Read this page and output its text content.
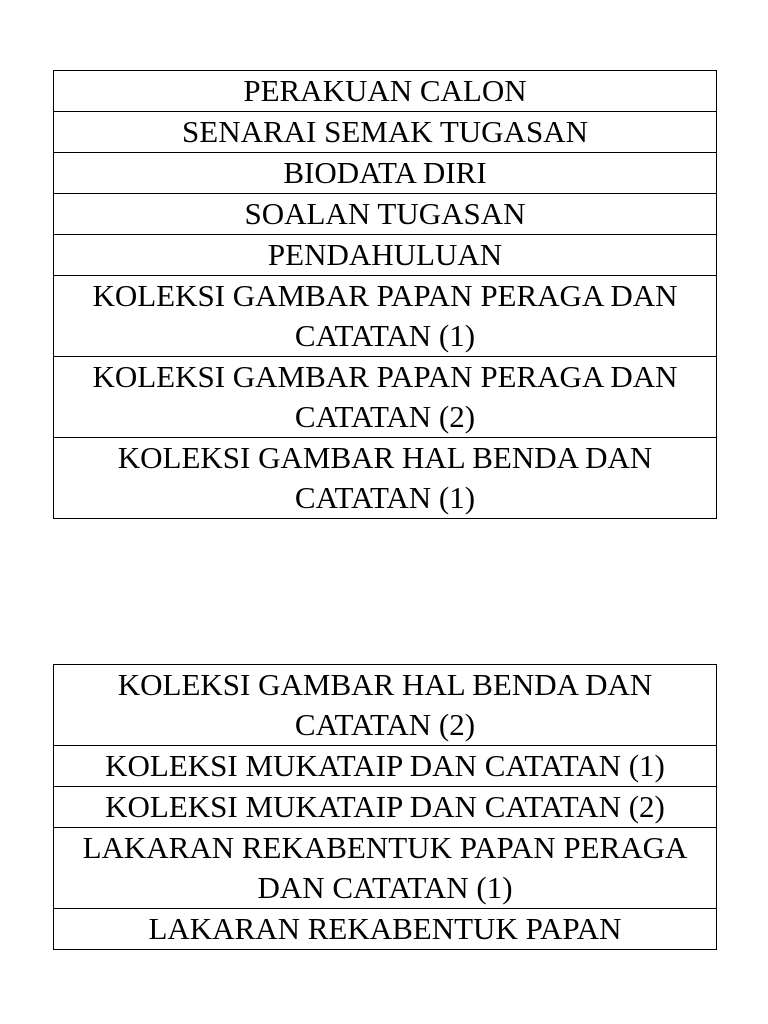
PERAKUAN CALON
SENARAI SEMAK TUGASAN
BIODATA DIRI
SOALAN TUGASAN
PENDAHULUAN
KOLEKSI GAMBAR PAPAN PERAGA DAN CATATAN (1)
KOLEKSI GAMBAR PAPAN PERAGA DAN CATATAN (2)
KOLEKSI GAMBAR HAL BENDA DAN CATATAN (1)
KOLEKSI GAMBAR HAL BENDA DAN CATATAN (2)
KOLEKSI MUKATAIP DAN CATATAN (1)
KOLEKSI MUKATAIP DAN CATATAN (2)
LAKARAN REKABENTUK PAPAN PERAGA DAN CATATAN (1)
LAKARAN REKABENTUK PAPAN
